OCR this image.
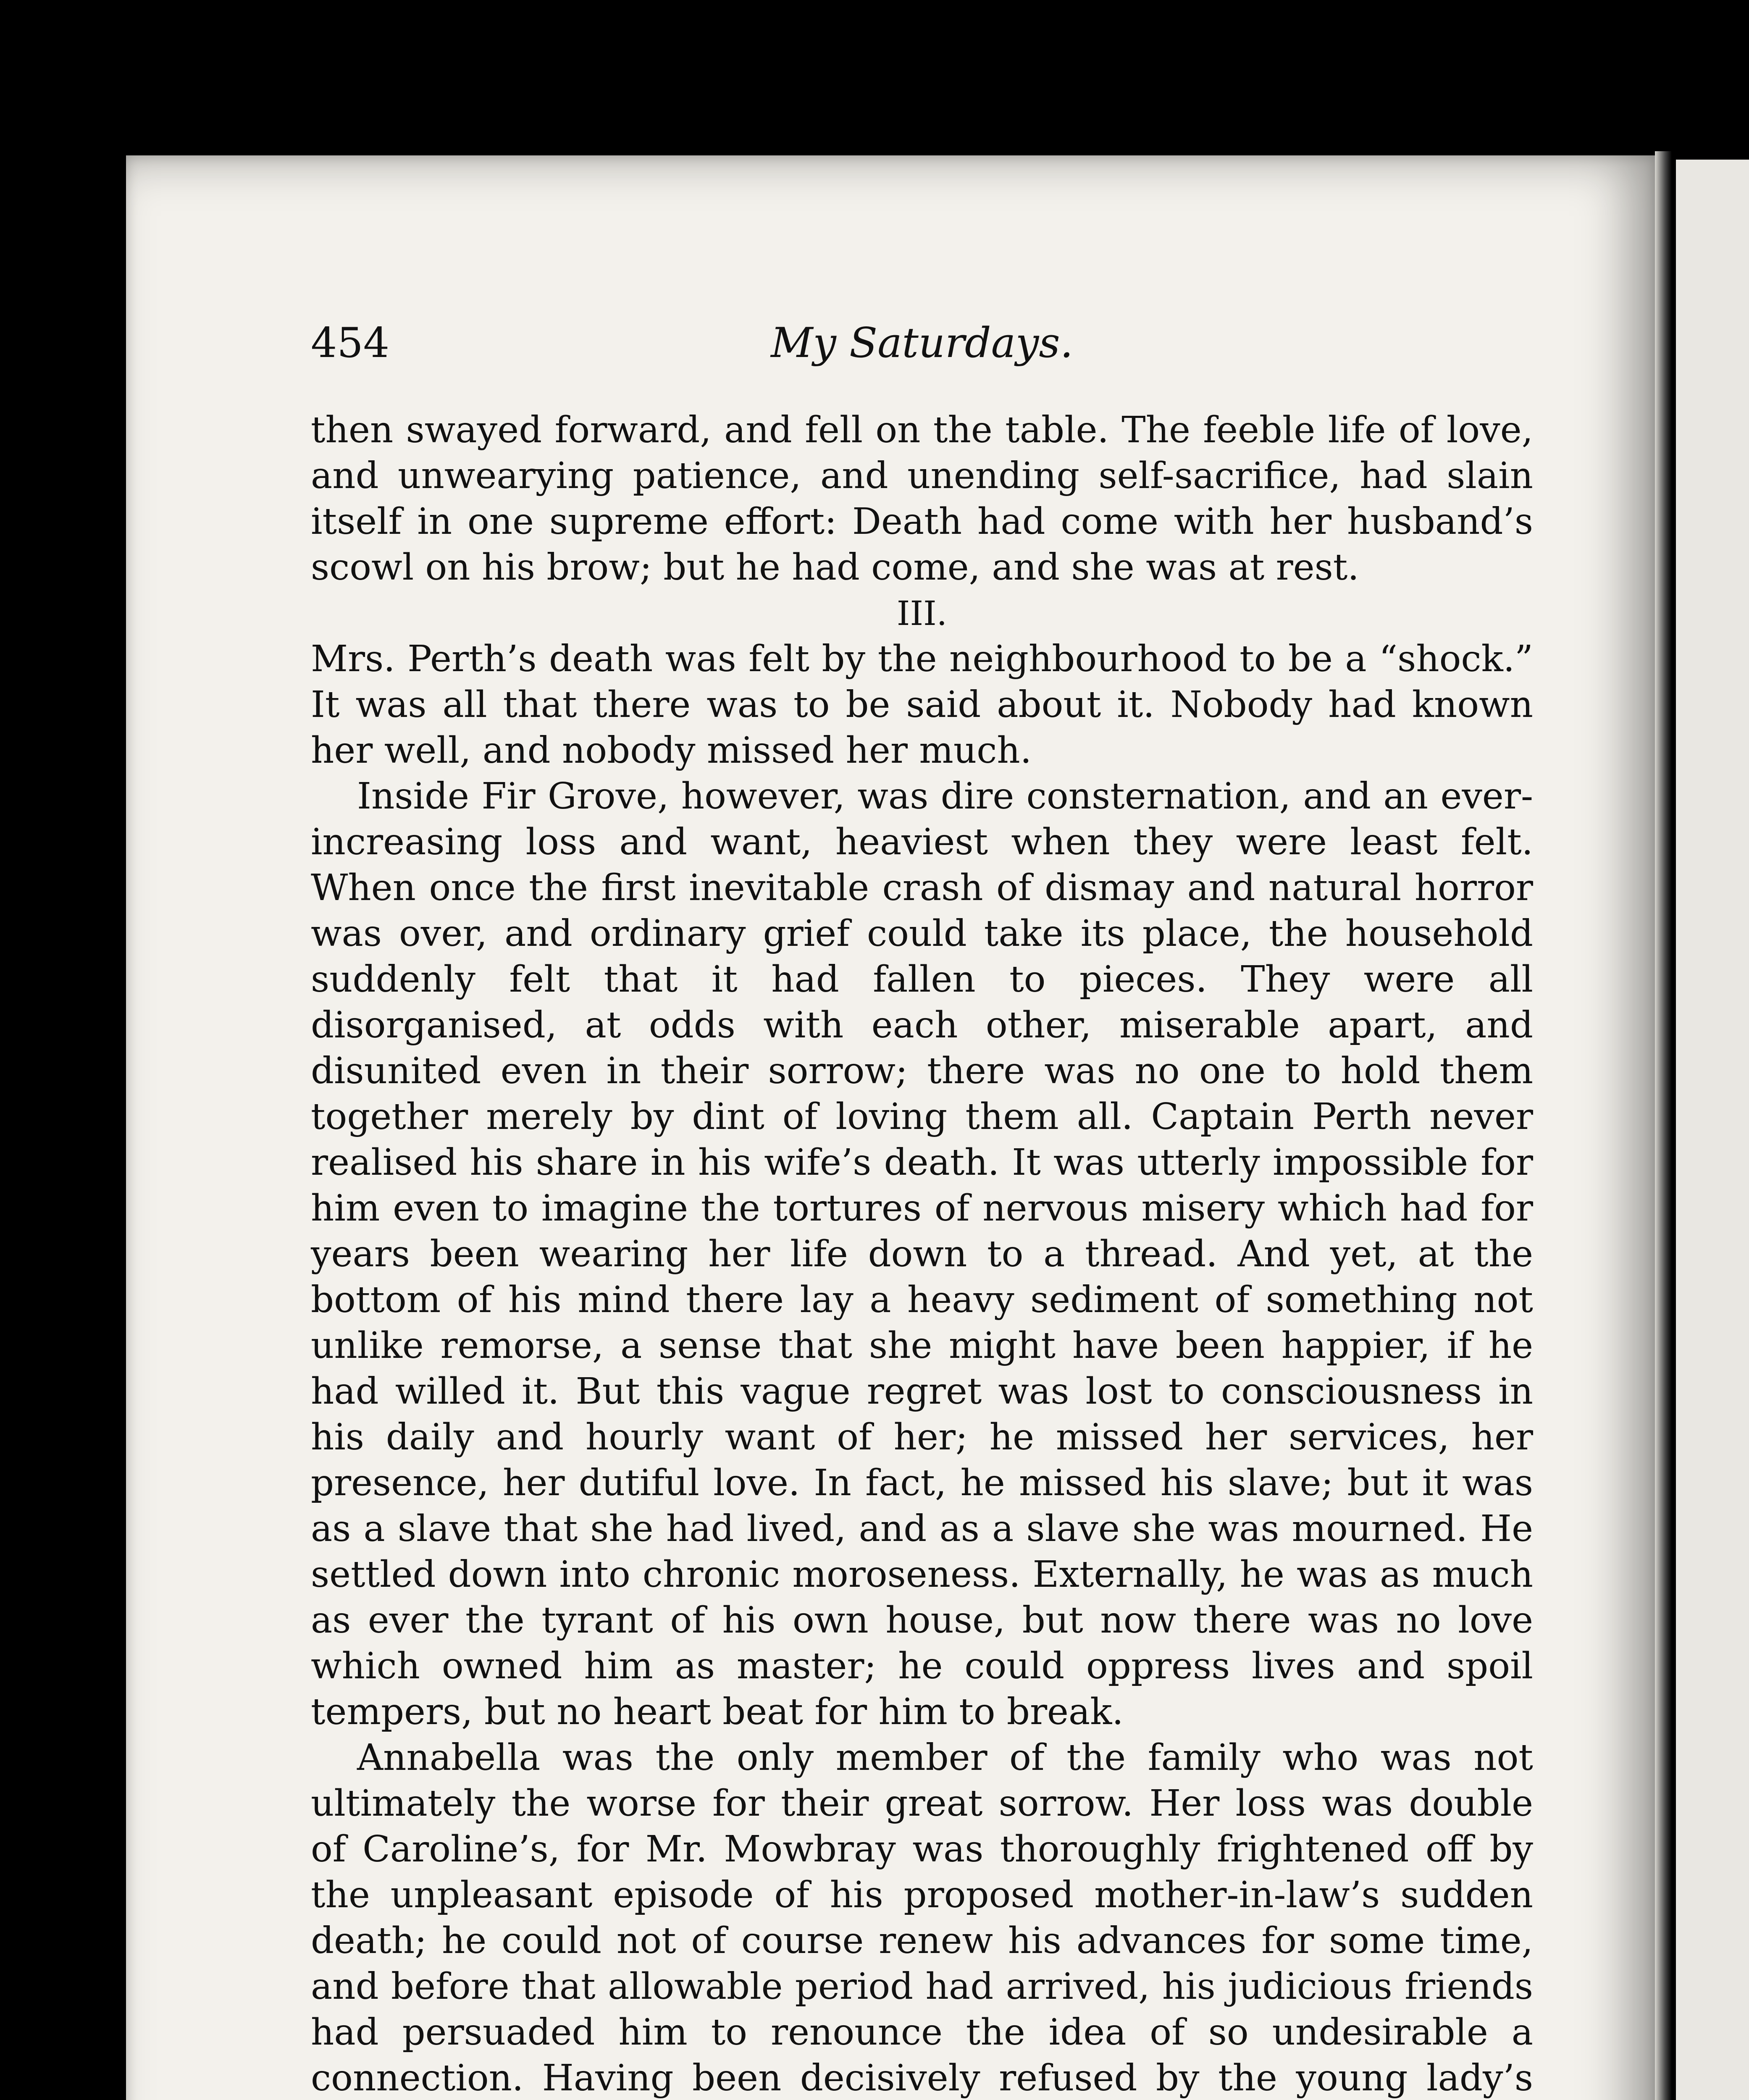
454	My Saturdays.

then swayed forward, and fell on the table. The feeble life of love, and unwearying patience, and unending self-sacrifice, had slain itself in one supreme effort: Death had come with her husband’s scowl on his brow; but he had come, and she was at rest.

III.

Mrs. Perth’s death was felt by the neighbourhood to be a “shock.” It was all that there was to be said about it. Nobody had known her well, and nobody missed her much.

Inside Fir Grove, however, was dire consternation, and an ever-increasing loss and want, heaviest when they were least felt. When once the first inevitable crash of dismay and natural horror was over, and ordinary grief could take its place, the household suddenly felt that it had fallen to pieces. They were all disorganised, at odds with each other, miserable apart, and disunited even in their sorrow; there was no one to hold them together merely by dint of loving them all. Captain Perth never realised his share in his wife’s death. It was utterly impossible for him even to imagine the tortures of nervous misery which had for years been wearing her life down to a thread. And yet, at the bottom of his mind there lay a heavy sediment of something not unlike remorse, a sense that she might have been happier, if he had willed it. But this vague regret was lost to consciousness in his daily and hourly want of her; he missed her services, her presence, her dutiful love. In fact, he missed his slave; but it was as a slave that she had lived, and as a slave she was mourned. He settled down into chronic moroseness. Externally, he was as much as ever the tyrant of his own house, but now there was no love which owned him as master; he could oppress lives and spoil tempers, but no heart beat for him to break.

Annabella was the only member of the family who was not ultimately the worse for their great sorrow. Her loss was double of Caroline’s, for Mr. Mowbray was thoroughly frightened off by the unpleasant episode of his proposed mother-in-law’s sudden death; he could not of course renew his advances for some time, and before that allowable period had arrived, his judicious friends had persuaded him to renounce the idea of so undesirable a connection. Having been decisively refused by the young lady’s
